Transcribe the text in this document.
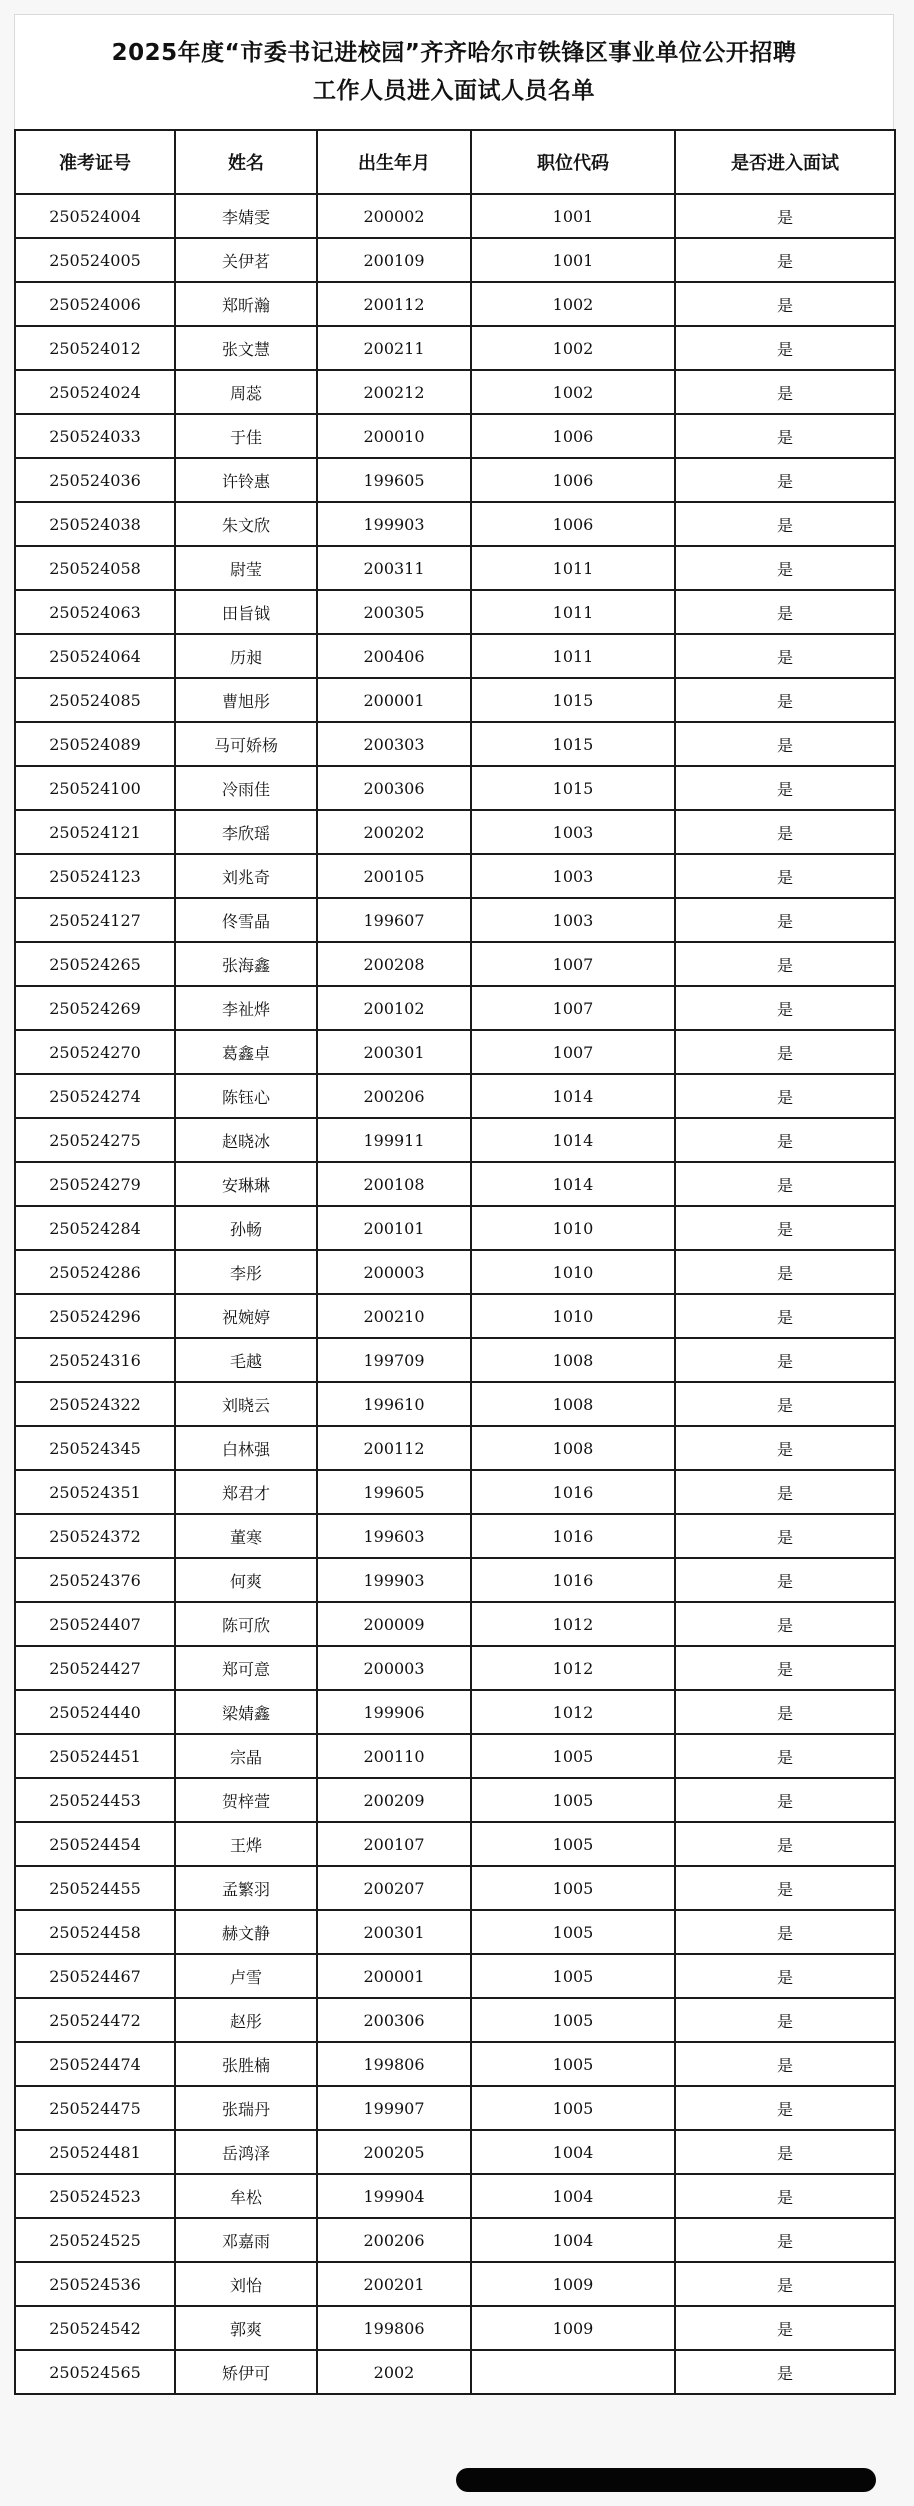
2025年度“市委书记进校园”齐齐哈尔市铁锋区事业单位公开招聘
工作人员进入面试人员名单
准考证号	姓名	出生年月	职位代码	是否进入面试
250524004	李婧雯	200002	1001	是
250524005	关伊茗	200109	1001	是
250524006	郑昕瀚	200112	1002	是
250524012	张文慧	200211	1002	是
250524024	周蕊	200212	1002	是
250524033	于佳	200010	1006	是
250524036	许铃惠	199605	1006	是
250524038	朱文欣	199903	1006	是
250524058	尉莹	200311	1011	是
250524063	田旨钺	200305	1011	是
250524064	历昶	200406	1011	是
250524085	曹旭彤	200001	1015	是
250524089	马可娇杨	200303	1015	是
250524100	冷雨佳	200306	1015	是
250524121	李欣瑶	200202	1003	是
250524123	刘兆奇	200105	1003	是
250524127	佟雪晶	199607	1003	是
250524265	张海鑫	200208	1007	是
250524269	李祉烨	200102	1007	是
250524270	葛鑫卓	200301	1007	是
250524274	陈钰心	200206	1014	是
250524275	赵晓冰	199911	1014	是
250524279	安琳琳	200108	1014	是
250524284	孙畅	200101	1010	是
250524286	李彤	200003	1010	是
250524296	祝婉婷	200210	1010	是
250524316	毛越	199709	1008	是
250524322	刘晓云	199610	1008	是
250524345	白林强	200112	1008	是
250524351	郑君才	199605	1016	是
250524372	董寒	199603	1016	是
250524376	何爽	199903	1016	是
250524407	陈可欣	200009	1012	是
250524427	郑可意	200003	1012	是
250524440	梁婧鑫	199906	1012	是
250524451	宗晶	200110	1005	是
250524453	贺梓萱	200209	1005	是
250524454	王烨	200107	1005	是
250524455	孟繁羽	200207	1005	是
250524458	赫文静	200301	1005	是
250524467	卢雪	200001	1005	是
250524472	赵彤	200306	1005	是
250524474	张胜楠	199806	1005	是
250524475	张瑞丹	199907	1005	是
250524481	岳鸿泽	200205	1004	是
250524523	牟松	199904	1004	是
250524525	邓嘉雨	200206	1004	是
250524536	刘怡	200201	1009	是
250524542	郭爽	199806	1009	是
250524565	矫伊可	2002		是
